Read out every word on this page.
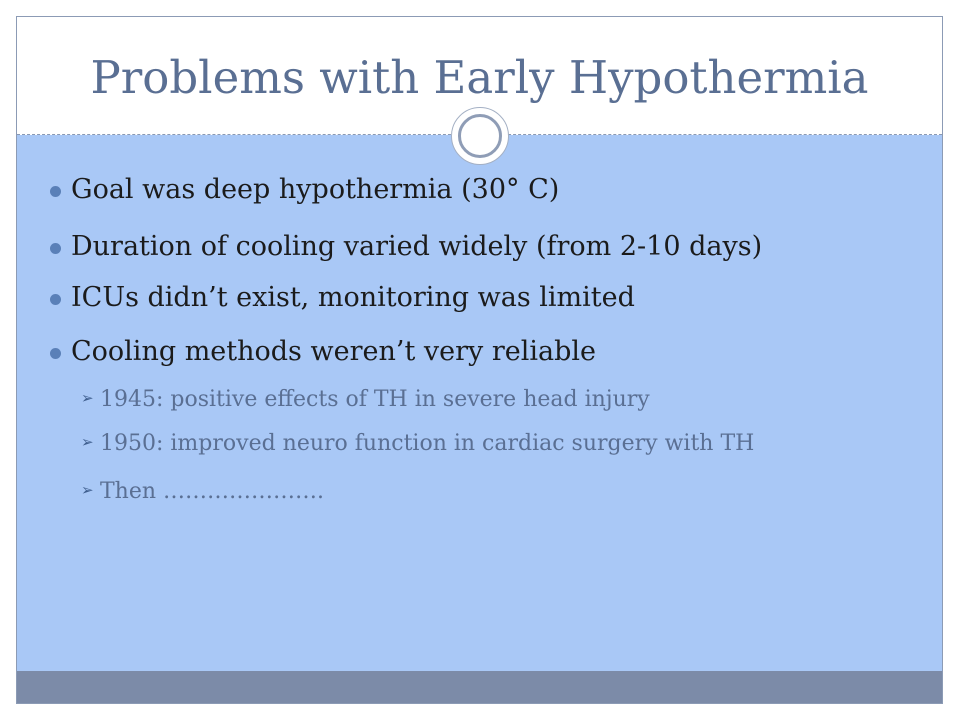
Problems with Early Hypothermia
Goal was deep hypothermia (30° C)
Duration of cooling varied widely (from 2-10 days)
ICUs didn’t exist, monitoring was limited
Cooling methods weren’t very reliable
➢ 1945: positive effects of TH in severe head injury
➢ 1950: improved neuro function in cardiac surgery with TH
➢ Then ………………….
